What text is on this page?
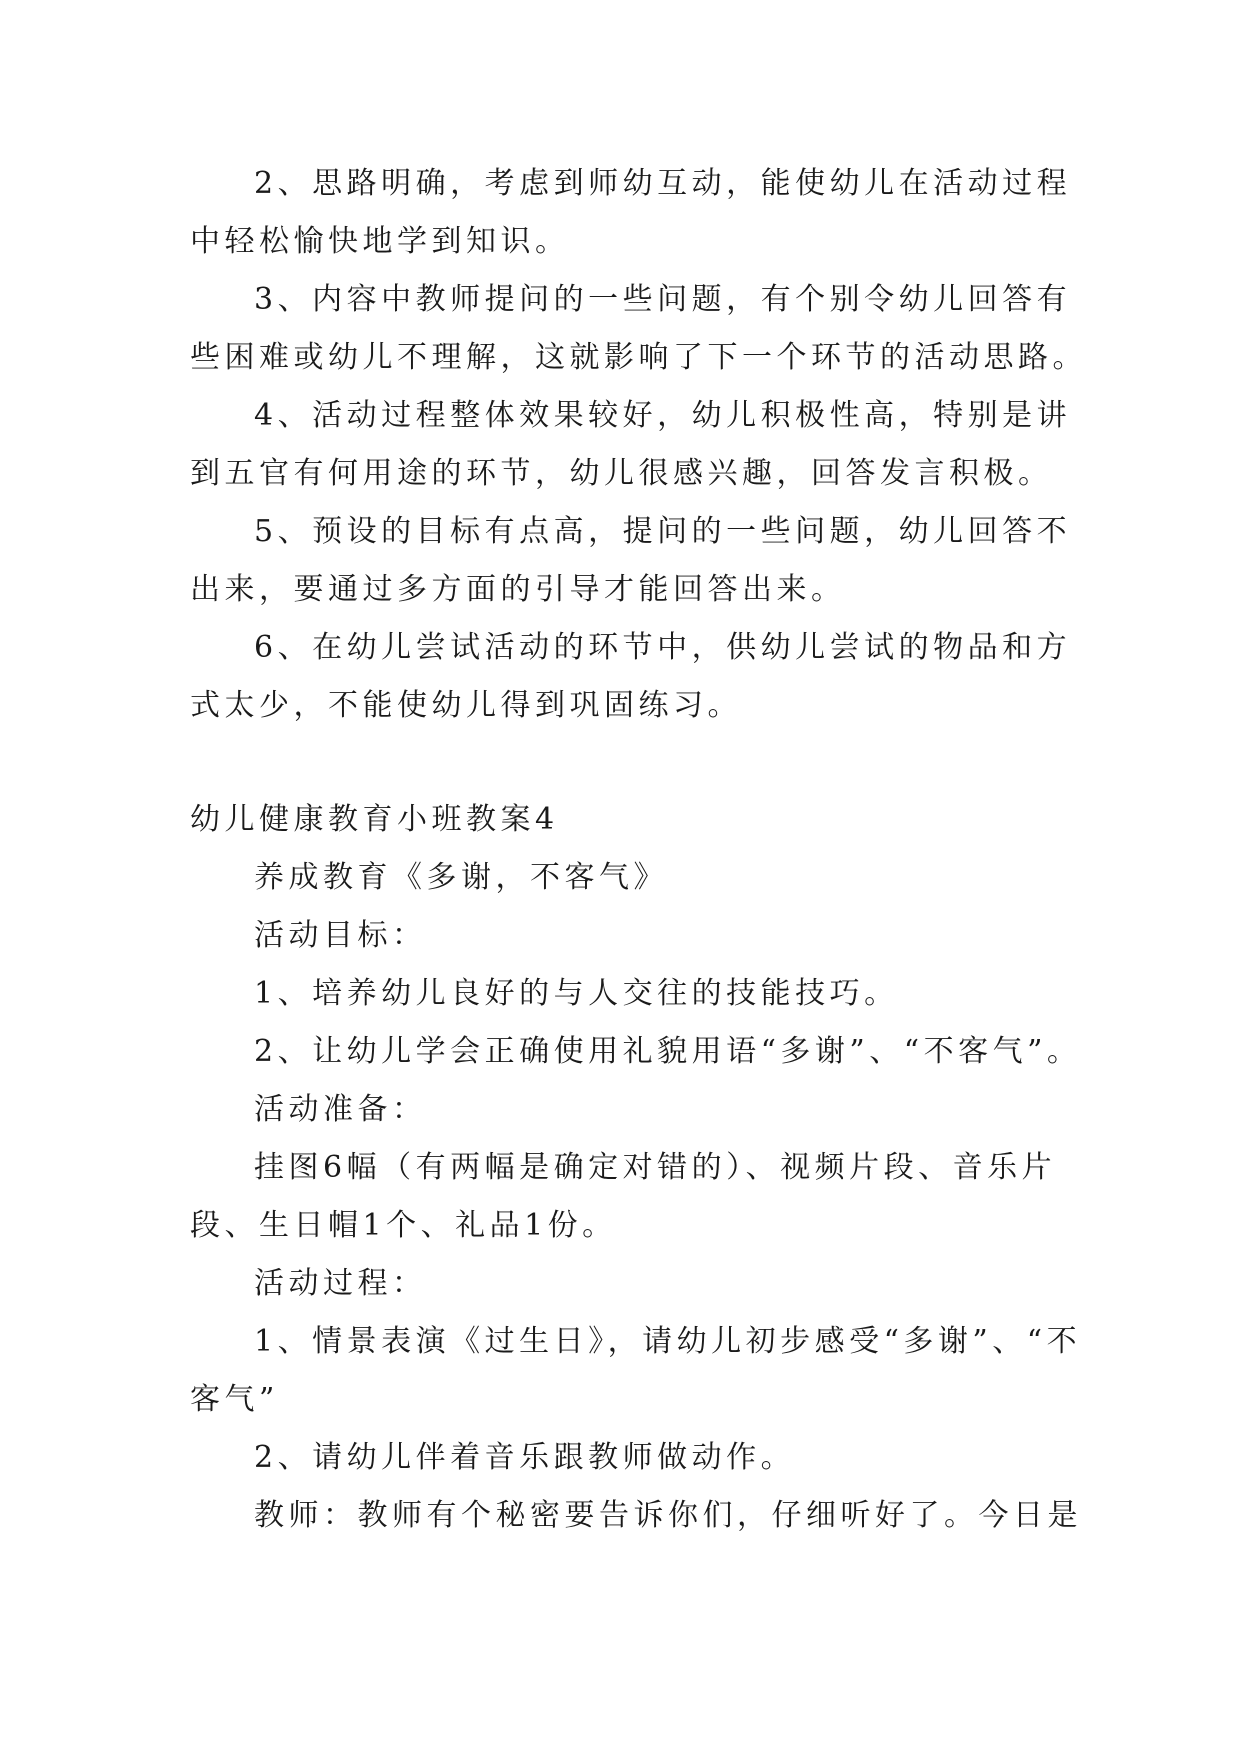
2、思路明确，考虑到师幼互动，能使幼儿在活动过程中轻松愉快地学到知识。

3、内容中教师提问的一些问题，有个别令幼儿回答有些困难或幼儿不理解，这就影响了下一个环节的活动思路。

4、活动过程整体效果较好，幼儿积极性高，特别是讲到五官有何用途的环节，幼儿很感兴趣，回答发言积极。

5、预设的目标有点高，提问的一些问题，幼儿回答不出来，要通过多方面的引导才能回答出来。

6、在幼儿尝试活动的环节中，供幼儿尝试的物品和方式太少，不能使幼儿得到巩固练习。

幼儿健康教育小班教案4

养成教育《多谢，不客气》

活动目标：

1、培养幼儿良好的与人交往的技能技巧。

2、让幼儿学会正确使用礼貌用语“多谢”、“不客气”。

活动准备：

挂图6幅（有两幅是确定对错的）、视频片段、音乐片段、生日帽1个、礼品1份。

活动过程：

1、情景表演《过生日》，请幼儿初步感受“多谢”、“不客气”

2、请幼儿伴着音乐跟教师做动作。

教师：教师有个秘密要告诉你们，仔细听好了。今日是
